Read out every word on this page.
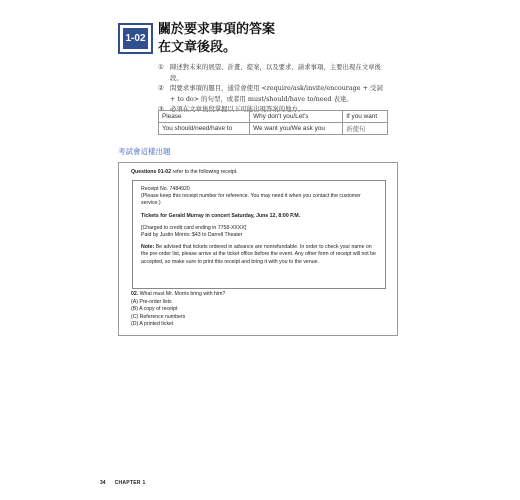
1-02
關於要求事項的答案
在文章後段。
① 陳述對未來的展望、計畫、提案，以及要求、請求事項，主要出現在文章後段。
② 問要求事項的題目，通常會使用 <require/ask/invite/encourage + 受詞 + to do> 的句型，或者用 must/should/have to/need 表達。
③ 必須在文章後段掌握以下可能出現答案的地方。
Please	Why don't you/Let's	If you want
You should/need/have to	We want you/We ask you	祈使句
考試會這樣出題
Questions 01-02 refer to the following receipt.

Receipt No. 7484920
(Please keep this receipt number for reference. You may need it when you contact the customer service.)

Tickets for Gerald Murray in concert Saturday, June 12, 8:00 P.M.

[Charged to credit card ending in 7758-XXXX]
Paid by Justin Morris: $43 to Darrell Theater

Note: Be advised that tickets ordered in advance are nonrefundable. In order to check your name on the pre-order list, please arrive at the ticket office before the event. Any other form of receipt will not be accepted, so make sure to print this receipt and bring it with you to the venue.

02. What must Mr. Morris bring with him?
(A) Pre-order lists
(B) A copy of receipt
(C) Reference numbers
(D) A printed ticket
34 CHAPTER 1
